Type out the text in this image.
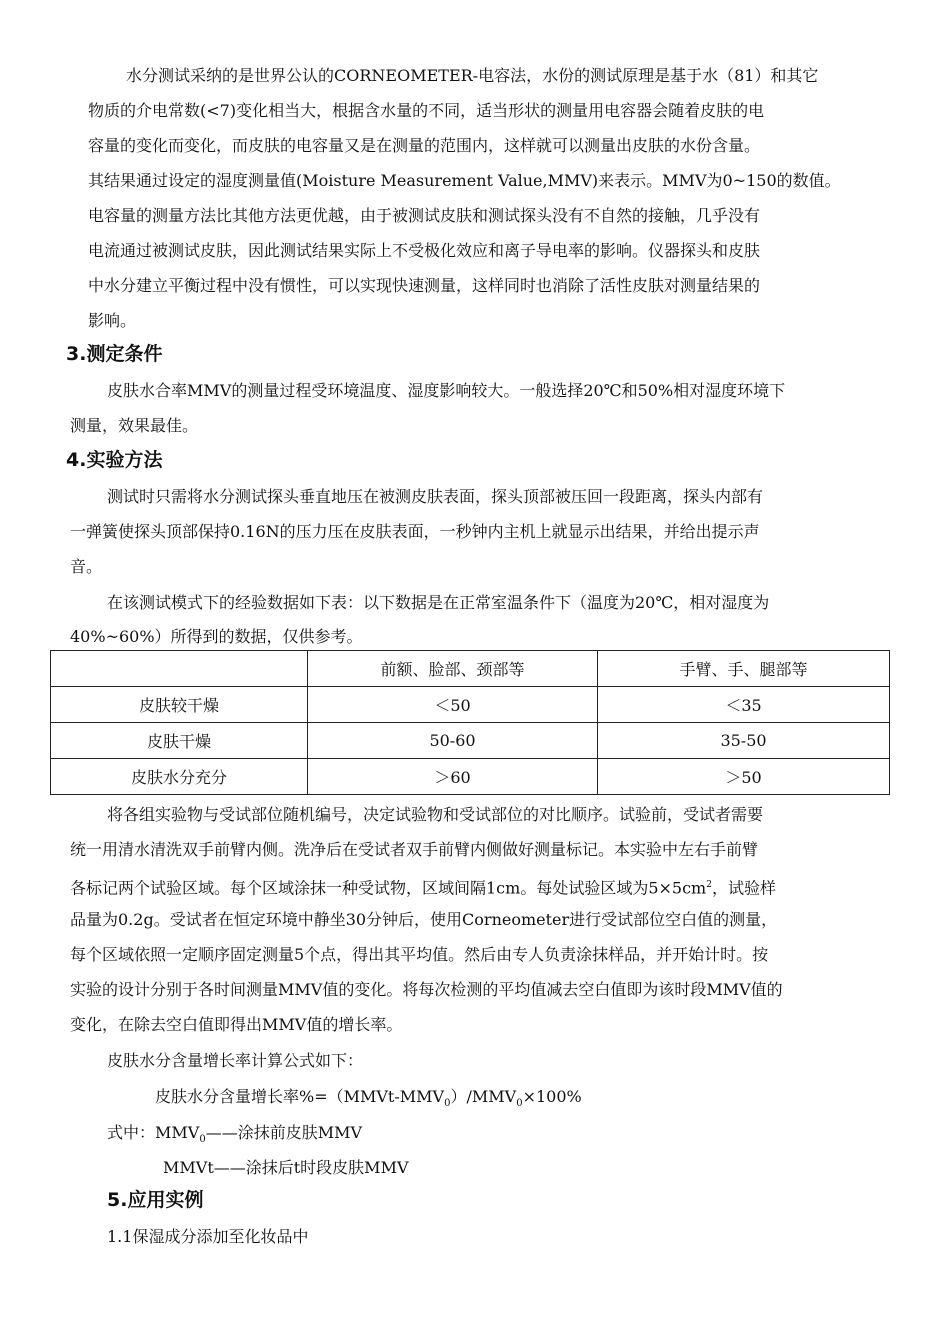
水分测试采纳的是世界公认的CORNEOMETER-电容法，水份的测试原理是基于水（81）和其它
物质的介电常数(<7)变化相当大，根据含水量的不同，适当形状的测量用电容器会随着皮肤的电
容量的变化而变化，而皮肤的电容量又是在测量的范围内，这样就可以测量出皮肤的水份含量。
其结果通过设定的湿度测量值(Moisture Measurement Value,MMV)来表示。MMV为0~150的数值。
电容量的测量方法比其他方法更优越，由于被测试皮肤和测试探头没有不自然的接触，几乎没有
电流通过被测试皮肤，因此测试结果实际上不受极化效应和离子导电率的影响。仪器探头和皮肤
中水分建立平衡过程中没有惯性，可以实现快速测量，这样同时也消除了活性皮肤对测量结果的
影响。
3.测定条件
皮肤水合率MMV的测量过程受环境温度、湿度影响较大。一般选择20℃和50%相对湿度环境下
测量，效果最佳。
4.实验方法
测试时只需将水分测试探头垂直地压在被测皮肤表面，探头顶部被压回一段距离，探头内部有
一弹簧使探头顶部保持0.16N的压力压在皮肤表面，一秒钟内主机上就显示出结果，并给出提示声
音。
在该测试模式下的经验数据如下表：以下数据是在正常室温条件下（温度为20℃，相对湿度为
40%~60%）所得到的数据，仅供参考。
	前额、脸部、颈部等	手臂、手、腿部等
皮肤较干燥	＜50	＜35
皮肤干燥	50-60	35-50
皮肤水分充分	＞60	＞50
将各组实验物与受试部位随机编号，决定试验物和受试部位的对比顺序。试验前，受试者需要
统一用清水清洗双手前臂内侧。洗净后在受试者双手前臂内侧做好测量标记。本实验中左右手前臂
各标记两个试验区域。每个区域涂抹一种受试物，区域间隔1cm。每处试验区域为$5\times 5cm^2$，试验样
品量为0.2g。受试者在恒定环境中静坐30分钟后，使用Corneometer进行受试部位空白值的测量，
每个区域依照一定顺序固定测量5个点，得出其平均值。然后由专人负责涂抹样品，并开始计时。按
实验的设计分别于各时间测量MMV值的变化。将每次检测的平均值减去空白值即为该时段MMV值的
变化，在除去空白值即得出MMV值的增长率。
皮肤水分含量增长率计算公式如下：
皮肤水分含量增长率$\%=(MMVt-MMV_0)/MMV_0\times 100\%$
式中：$MMV_0——$涂抹前皮肤MMV
MMVt——涂抹后t时段皮肤MMV
5.应用实例
1.1保湿成分添加至化妆品中
